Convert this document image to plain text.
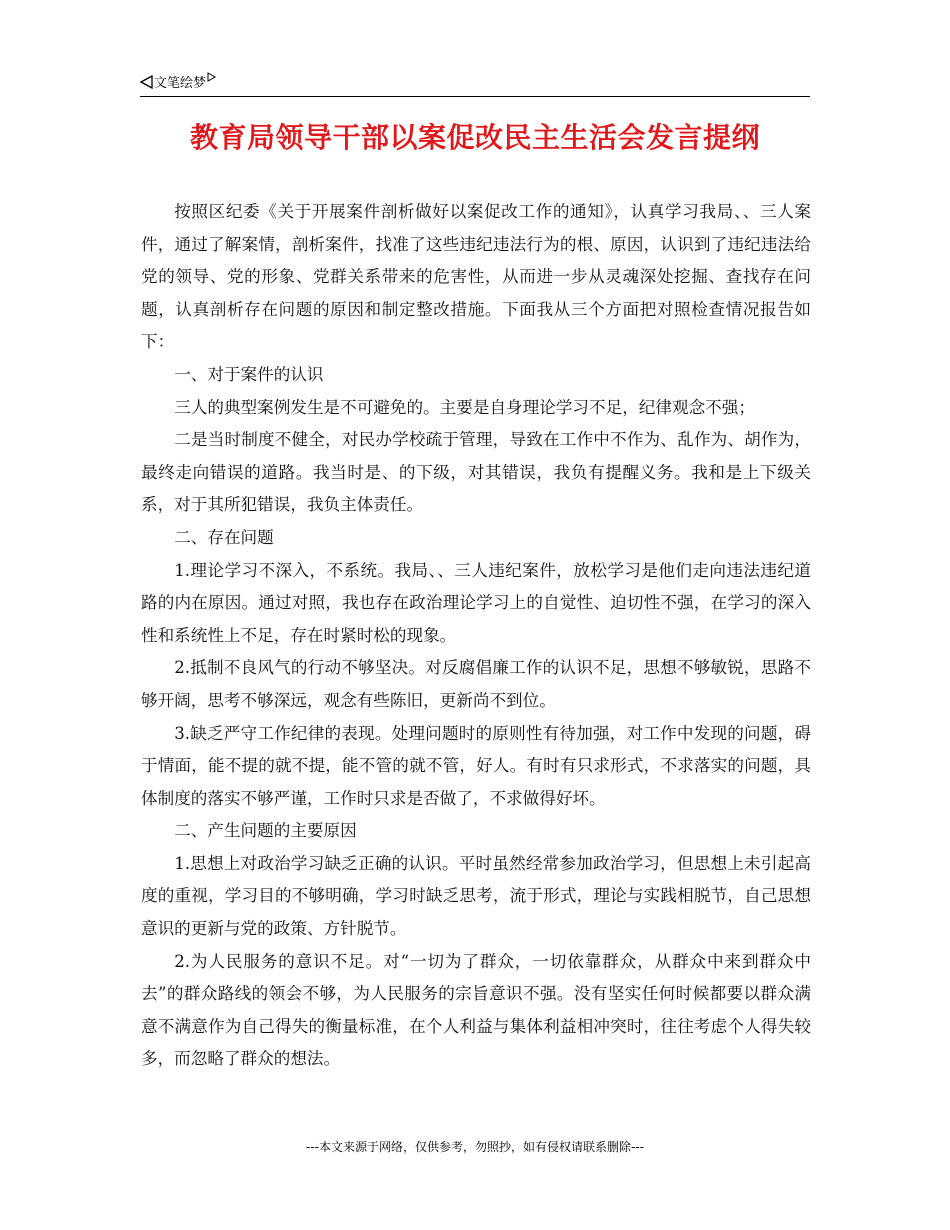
文笔绘梦
教育局领导干部以案促改民主生活会发言提纲

按照区纪委《关于开展案件剖析做好以案促改工作的通知》，认真学习我局、、三人案件，通过了解案情，剖析案件，找准了这些违纪违法行为的根、原因，认识到了违纪违法给党的领导、党的形象、党群关系带来的危害性，从而进一步从灵魂深处挖掘、查找存在问题，认真剖析存在问题的原因和制定整改措施。下面我从三个方面把对照检查情况报告如下：

一、对于案件的认识

三人的典型案例发生是不可避免的。主要是自身理论学习不足，纪律观念不强；

二是当时制度不健全，对民办学校疏于管理，导致在工作中不作为、乱作为、胡作为，最终走向错误的道路。我当时是、的下级，对其错误，我负有提醒义务。我和是上下级关系，对于其所犯错误，我负主体责任。

二、存在问题

1.理论学习不深入，不系统。我局、、三人违纪案件，放松学习是他们走向违法违纪道路的内在原因。通过对照，我也存在政治理论学习上的自觉性、迫切性不强，在学习的深入性和系统性上不足，存在时紧时松的现象。

2.抵制不良风气的行动不够坚决。对反腐倡廉工作的认识不足，思想不够敏锐，思路不够开阔，思考不够深远，观念有些陈旧，更新尚不到位。

3.缺乏严守工作纪律的表现。处理问题时的原则性有待加强，对工作中发现的问题，碍于情面，能不提的就不提，能不管的就不管，好人。有时有只求形式，不求落实的问题，具体制度的落实不够严谨，工作时只求是否做了，不求做得好坏。

二、产生问题的主要原因

1.思想上对政治学习缺乏正确的认识。平时虽然经常参加政治学习，但思想上未引起高度的重视，学习目的不够明确，学习时缺乏思考，流于形式，理论与实践相脱节，自己思想意识的更新与党的政策、方针脱节。

2.为人民服务的意识不足。对“一切为了群众，一切依靠群众，从群众中来到群众中去”的群众路线的领会不够，为人民服务的宗旨意识不强。没有坚实任何时候都要以群众满意不满意作为自己得失的衡量标准，在个人利益与集体利益相冲突时，往往考虑个人得失较多，而忽略了群众的想法。

---本文来源于网络，仅供参考，勿照抄，如有侵权请联系删除---
